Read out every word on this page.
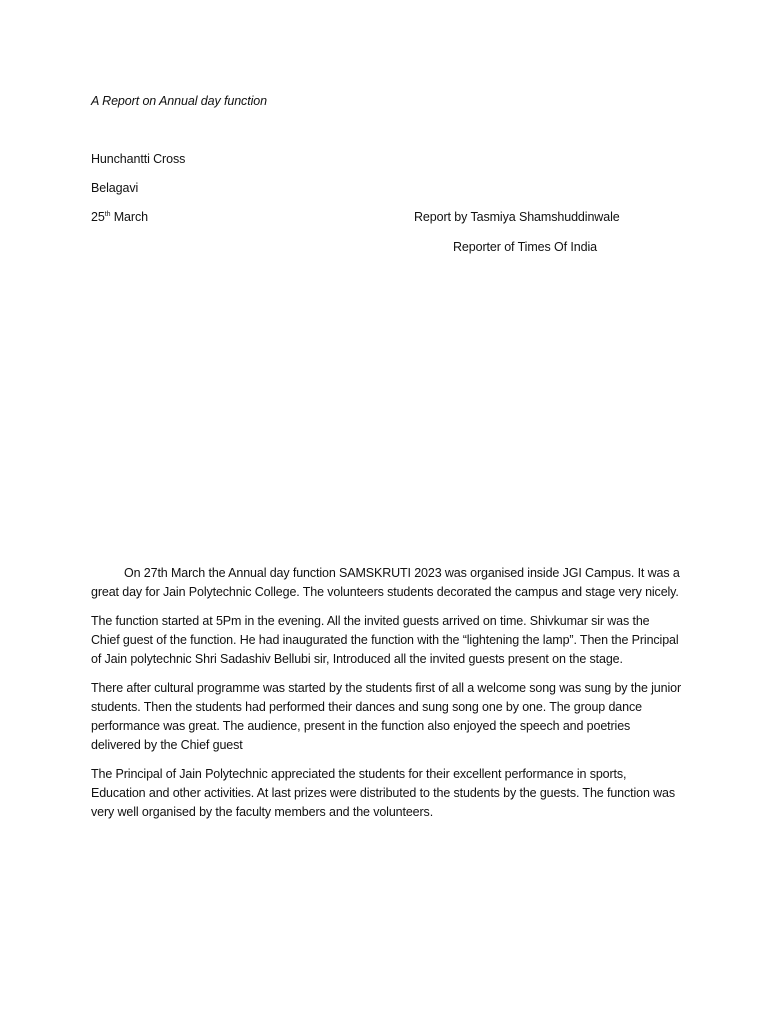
A Report on Annual day function
Hunchantti Cross
Belagavi
25th March	Report by Tasmiya Shamshuddinwale
Reporter of Times Of India

On 27th March the Annual day function SAMSKRUTI 2023 was organised inside JGI Campus. It was a great day for Jain Polytechnic College. The volunteers students decorated the campus and stage very nicely.

The function started at 5Pm in the evening. All the invited guests arrived on time. Shivkumar sir was the Chief guest of the function. He had inaugurated the function with the “lightening the lamp”. Then the Principal of Jain polytechnic Shri Sadashiv Bellubi sir, Introduced all the invited guests present on the stage.

There after cultural programme was started by the students first of all a welcome song was sung by the junior students. Then the students had performed their dances and sung song one by one. The group dance performance was great. The audience, present in the function also enjoyed the speech and poetries delivered by the Chief guest

The Principal of Jain Polytechnic appreciated the students for their excellent performance in sports, Education and other activities. At last prizes were distributed to the students by the guests. The function was very well organised by the faculty members and the volunteers.
